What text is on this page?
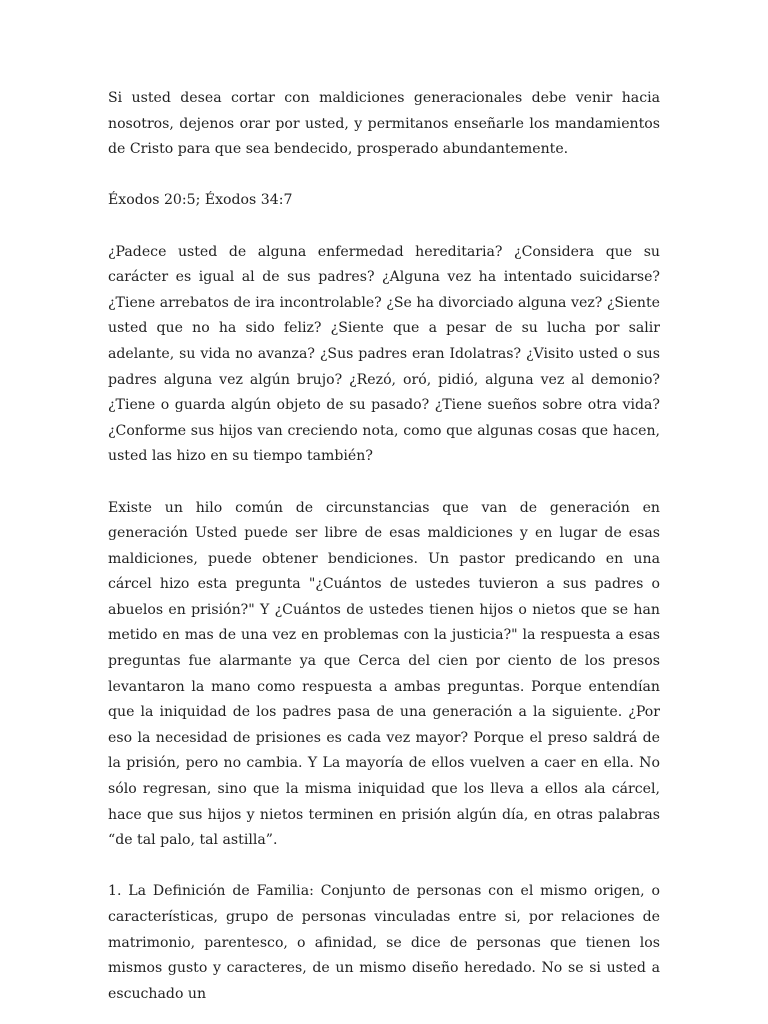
Si usted desea cortar con maldiciones generacionales debe venir hacia nosotros, dejenos orar por usted, y permitanos enseñarle los mandamientos de Cristo para que sea bendecido, prosperado abundantemente.

Éxodos 20:5; Éxodos 34:7

¿Padece usted de alguna enfermedad hereditaria? ¿Considera que su carácter es igual al de sus padres? ¿Alguna vez ha intentado suicidarse? ¿Tiene arrebatos de ira incontrolable? ¿Se ha divorciado alguna vez? ¿Siente usted que no ha sido feliz? ¿Siente que a pesar de su lucha por salir adelante, su vida no avanza? ¿Sus padres eran Idolatras? ¿Visito usted o sus padres alguna vez algún brujo? ¿Rezó, oró, pidió, alguna vez al demonio? ¿Tiene o guarda algún objeto de su pasado? ¿Tiene sueños sobre otra vida? ¿Conforme sus hijos van creciendo nota, como que algunas cosas que hacen, usted las hizo en su tiempo también?

Existe un hilo común de circunstancias que van de generación en generación Usted puede ser libre de esas maldiciones y en lugar de esas maldiciones, puede obtener bendiciones. Un pastor predicando en una cárcel hizo esta pregunta "¿Cuántos de ustedes tuvieron a sus padres o abuelos en prisión?" Y ¿Cuántos de ustedes tienen hijos o nietos que se han metido en mas de una vez en problemas con la justicia?" la respuesta a esas preguntas fue alarmante ya que Cerca del cien por ciento de los presos levantaron la mano como respuesta a ambas preguntas. Porque entendían que la iniquidad de los padres pasa de una generación a la siguiente. ¿Por eso la necesidad de prisiones es cada vez mayor? Porque el preso saldrá de la prisión, pero no cambia. Y La mayoría de ellos vuelven a caer en ella. No sólo regresan, sino que la misma iniquidad que los lleva a ellos ala cárcel, hace que sus hijos y nietos terminen en prisión algún día, en otras palabras “de tal palo, tal astilla”.

1. La Definición de Familia: Conjunto de personas con el mismo origen, o características, grupo de personas vinculadas entre si, por relaciones de matrimonio, parentesco, o afinidad, se dice de personas que tienen los mismos gusto y caracteres, de un mismo diseño heredado. No se si usted a escuchado un
